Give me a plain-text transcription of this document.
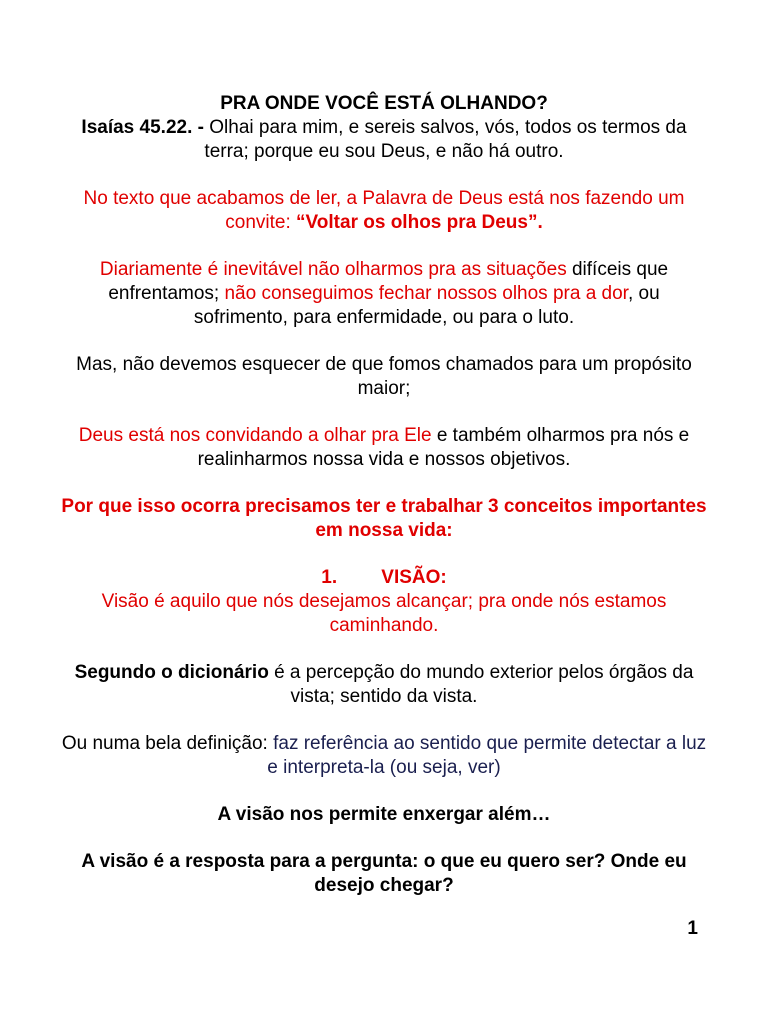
PRA ONDE VOCÊ ESTÁ OLHANDO?

Isaías 45.22. - Olhai para mim, e sereis salvos, vós, todos os termos da terra; porque eu sou Deus, e não há outro.

No texto que acabamos de ler, a Palavra de Deus está nos fazendo um convite: “Voltar os olhos pra Deus”.

Diariamente é inevitável não olharmos pra as situações difíceis que enfrentamos; não conseguimos fechar nossos olhos pra a dor, ou sofrimento, para enfermidade, ou para o luto.

Mas, não devemos esquecer de que fomos chamados para um propósito maior;

Deus está nos convidando a olhar pra Ele e também olharmos pra nós e realinharmos nossa vida e nossos objetivos.

Por que isso ocorra precisamos ter e trabalhar 3 conceitos importantes em nossa vida:

1. VISÃO:

Visão é aquilo que nós desejamos alcançar; pra onde nós estamos caminhando.

Segundo o dicionário é a percepção do mundo exterior pelos órgãos da vista; sentido da vista.

Ou numa bela definição: faz referência ao sentido que permite detectar a luz e interpreta-la (ou seja, ver)

A visão nos permite enxergar além…

A visão é a resposta para a pergunta: o que eu quero ser? Onde eu desejo chegar?

1
